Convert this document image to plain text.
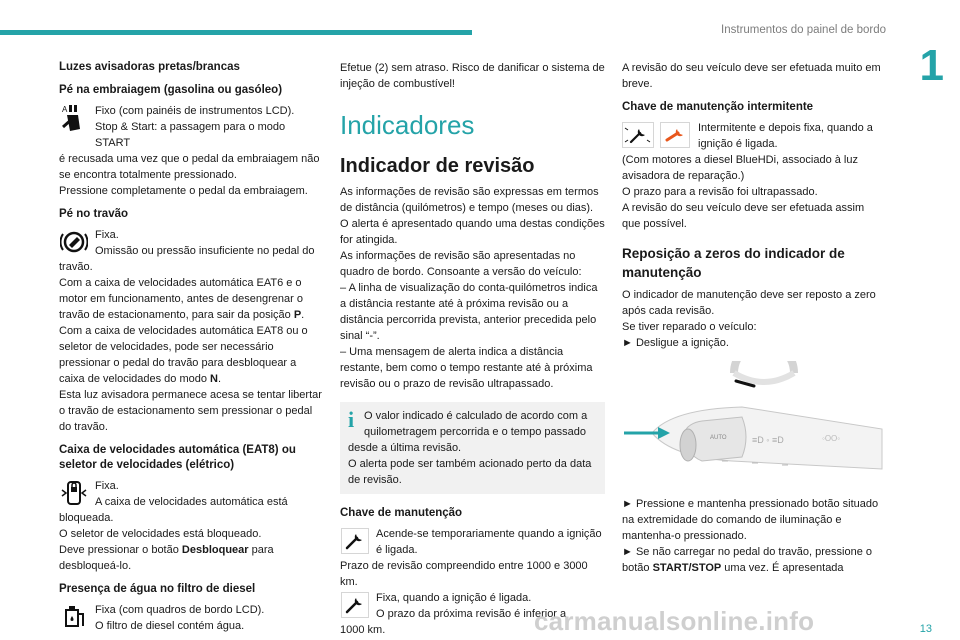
Instrumentos do painel de bordo
1
Luzes avisadoras pretas/brancas
Pé na embraiagem (gasolina ou gasóleo)
A	Fixo (com painéis de instrumentos LCD).
Stop & Start: a passagem para o modo START
é recusada uma vez que o pedal da embraiagem não se encontra totalmente pressionado.
Pressione completamente o pedal da embraiagem.
Pé no travão
Fixa.
Omissão ou pressão insuficiente no pedal do
travão.
Com a caixa de velocidades automática EAT6 e o motor em funcionamento, antes de desengrenar o travão de estacionamento, para sair da posição P.
Com a caixa de velocidades automática EAT8 ou o seletor de velocidades, pode ser necessário pressionar o pedal do travão para desbloquear a caixa de velocidades do modo N.
Esta luz avisadora permanece acesa se tentar libertar o travão de estacionamento sem pressionar o pedal do travão.
Caixa de velocidades automática (EAT8) ou seletor de velocidades (elétrico)
Fixa.
A caixa de velocidades automática está
bloqueada.
O seletor de velocidades está bloqueado.
Deve pressionar o botão Desbloquear para desbloqueá-lo.
Presença de água no filtro de diesel
Fixa (com quadros de bordo LCD).
O filtro de diesel contém água.
Efetue (2) sem atraso. Risco de danificar o sistema de injeção de combustível!
Indicadores
Indicador de revisão
As informações de revisão são expressas em termos de distância (quilómetros) e tempo (meses ou dias).
O alerta é apresentado quando uma destas condições for atingida.
As informações de revisão são apresentadas no quadro de bordo. Consoante a versão do veículo:
– A linha de visualização do conta-quilómetros indica a distância restante até à próxima revisão ou a distância percorrida prevista, anterior precedida pelo sinal “-”.
– Uma mensagem de alerta indica a distância restante, bem como o tempo restante até à próxima revisão ou o prazo de revisão ultrapassado.
i O valor indicado é calculado de acordo com a quilometragem percorrida e o tempo passado
desde a última revisão.
O alerta pode ser também acionado perto da data de revisão.
Chave de manutenção
Acende-se temporariamente quando a ignição
é ligada.
Prazo de revisão compreendido entre 1000 e 3000 km.
Fixa, quando a ignição é ligada.
O prazo da próxima revisão é inferior a
1000 km.
A revisão do seu veículo deve ser efetuada muito em breve.
Chave de manutenção intermitente
Intermitente e depois fixa, quando a
ignição é ligada.
(Com motores a diesel BlueHDi, associado à luz avisadora de reparação.)
O prazo para a revisão foi ultrapassado.
A revisão do seu veículo deve ser efetuada assim que possível.
Reposição a zeros do indicador de manutenção
O indicador de manutenção deve ser reposto a zero após cada revisão.
Se tiver reparado o veículo:
► Desligue a ignição.
AUTO	≡D ◦ ≡D	◦OO◦
► Pressione e mantenha pressionado botão situado na extremidade do comando de iluminação e mantenha-o pressionado.
► Se não carregar no pedal do travão, pressione o botão START/STOP uma vez. É apresentada
carmanualsonline.info	13
